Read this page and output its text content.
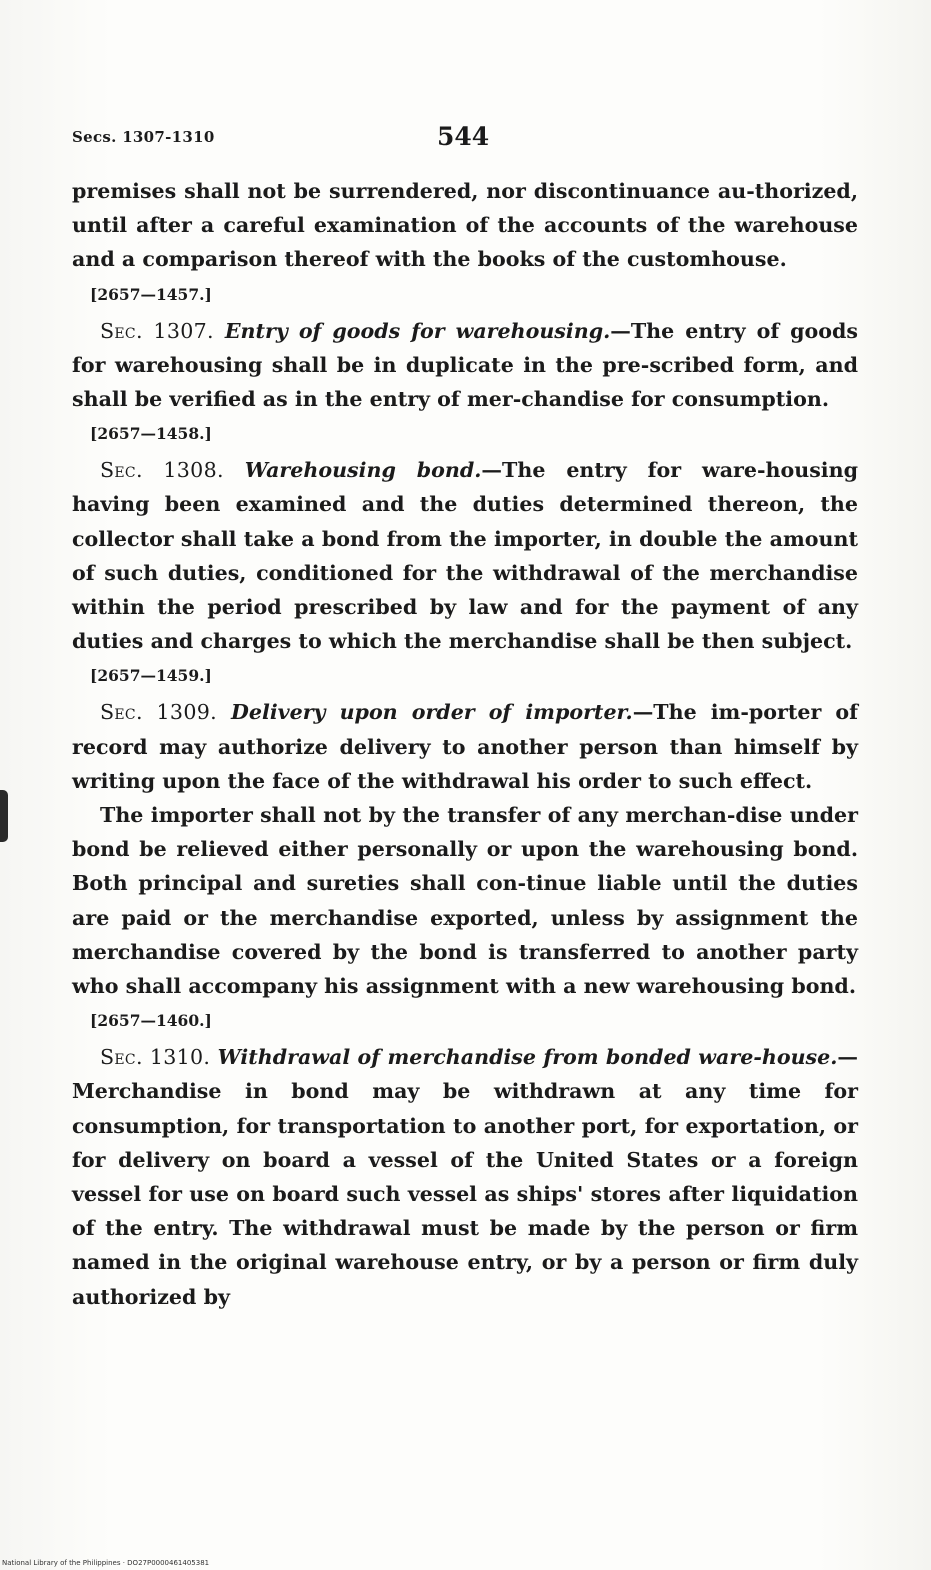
Secs. 1307-1310	544

premises shall not be surrendered, nor discontinuance au-thorized, until after a careful examination of the accounts of the warehouse and a comparison thereof with the books of the customhouse.

[2657—1457.]

Sec. 1307. Entry of goods for warehousing.—The entry of goods for warehousing shall be in duplicate in the pre-scribed form, and shall be verified as in the entry of mer-chandise for consumption.

[2657—1458.]

Sec. 1308. Warehousing bond.—The entry for ware-housing having been examined and the duties determined thereon, the collector shall take a bond from the importer, in double the amount of such duties, conditioned for the withdrawal of the merchandise within the period prescribed by law and for the payment of any duties and charges to which the merchandise shall be then subject.

[2657—1459.]

Sec. 1309. Delivery upon order of importer.—The im-porter of record may authorize delivery to another person than himself by writing upon the face of the withdrawal his order to such effect.

The importer shall not by the transfer of any merchan-dise under bond be relieved either personally or upon the warehousing bond. Both principal and sureties shall con-tinue liable until the duties are paid or the merchandise exported, unless by assignment the merchandise covered by the bond is transferred to another party who shall accompany his assignment with a new warehousing bond.

[2657—1460.]

Sec. 1310. Withdrawal of merchandise from bonded ware-house.—Merchandise in bond may be withdrawn at any time for consumption, for transportation to another port, for exportation, or for delivery on board a vessel of the United States or a foreign vessel for use on board such vessel as ships' stores after liquidation of the entry. The withdrawal must be made by the person or firm named in the original warehouse entry, or by a person or firm duly authorized by

National Library of the Philippines · DO27P0000461405381
